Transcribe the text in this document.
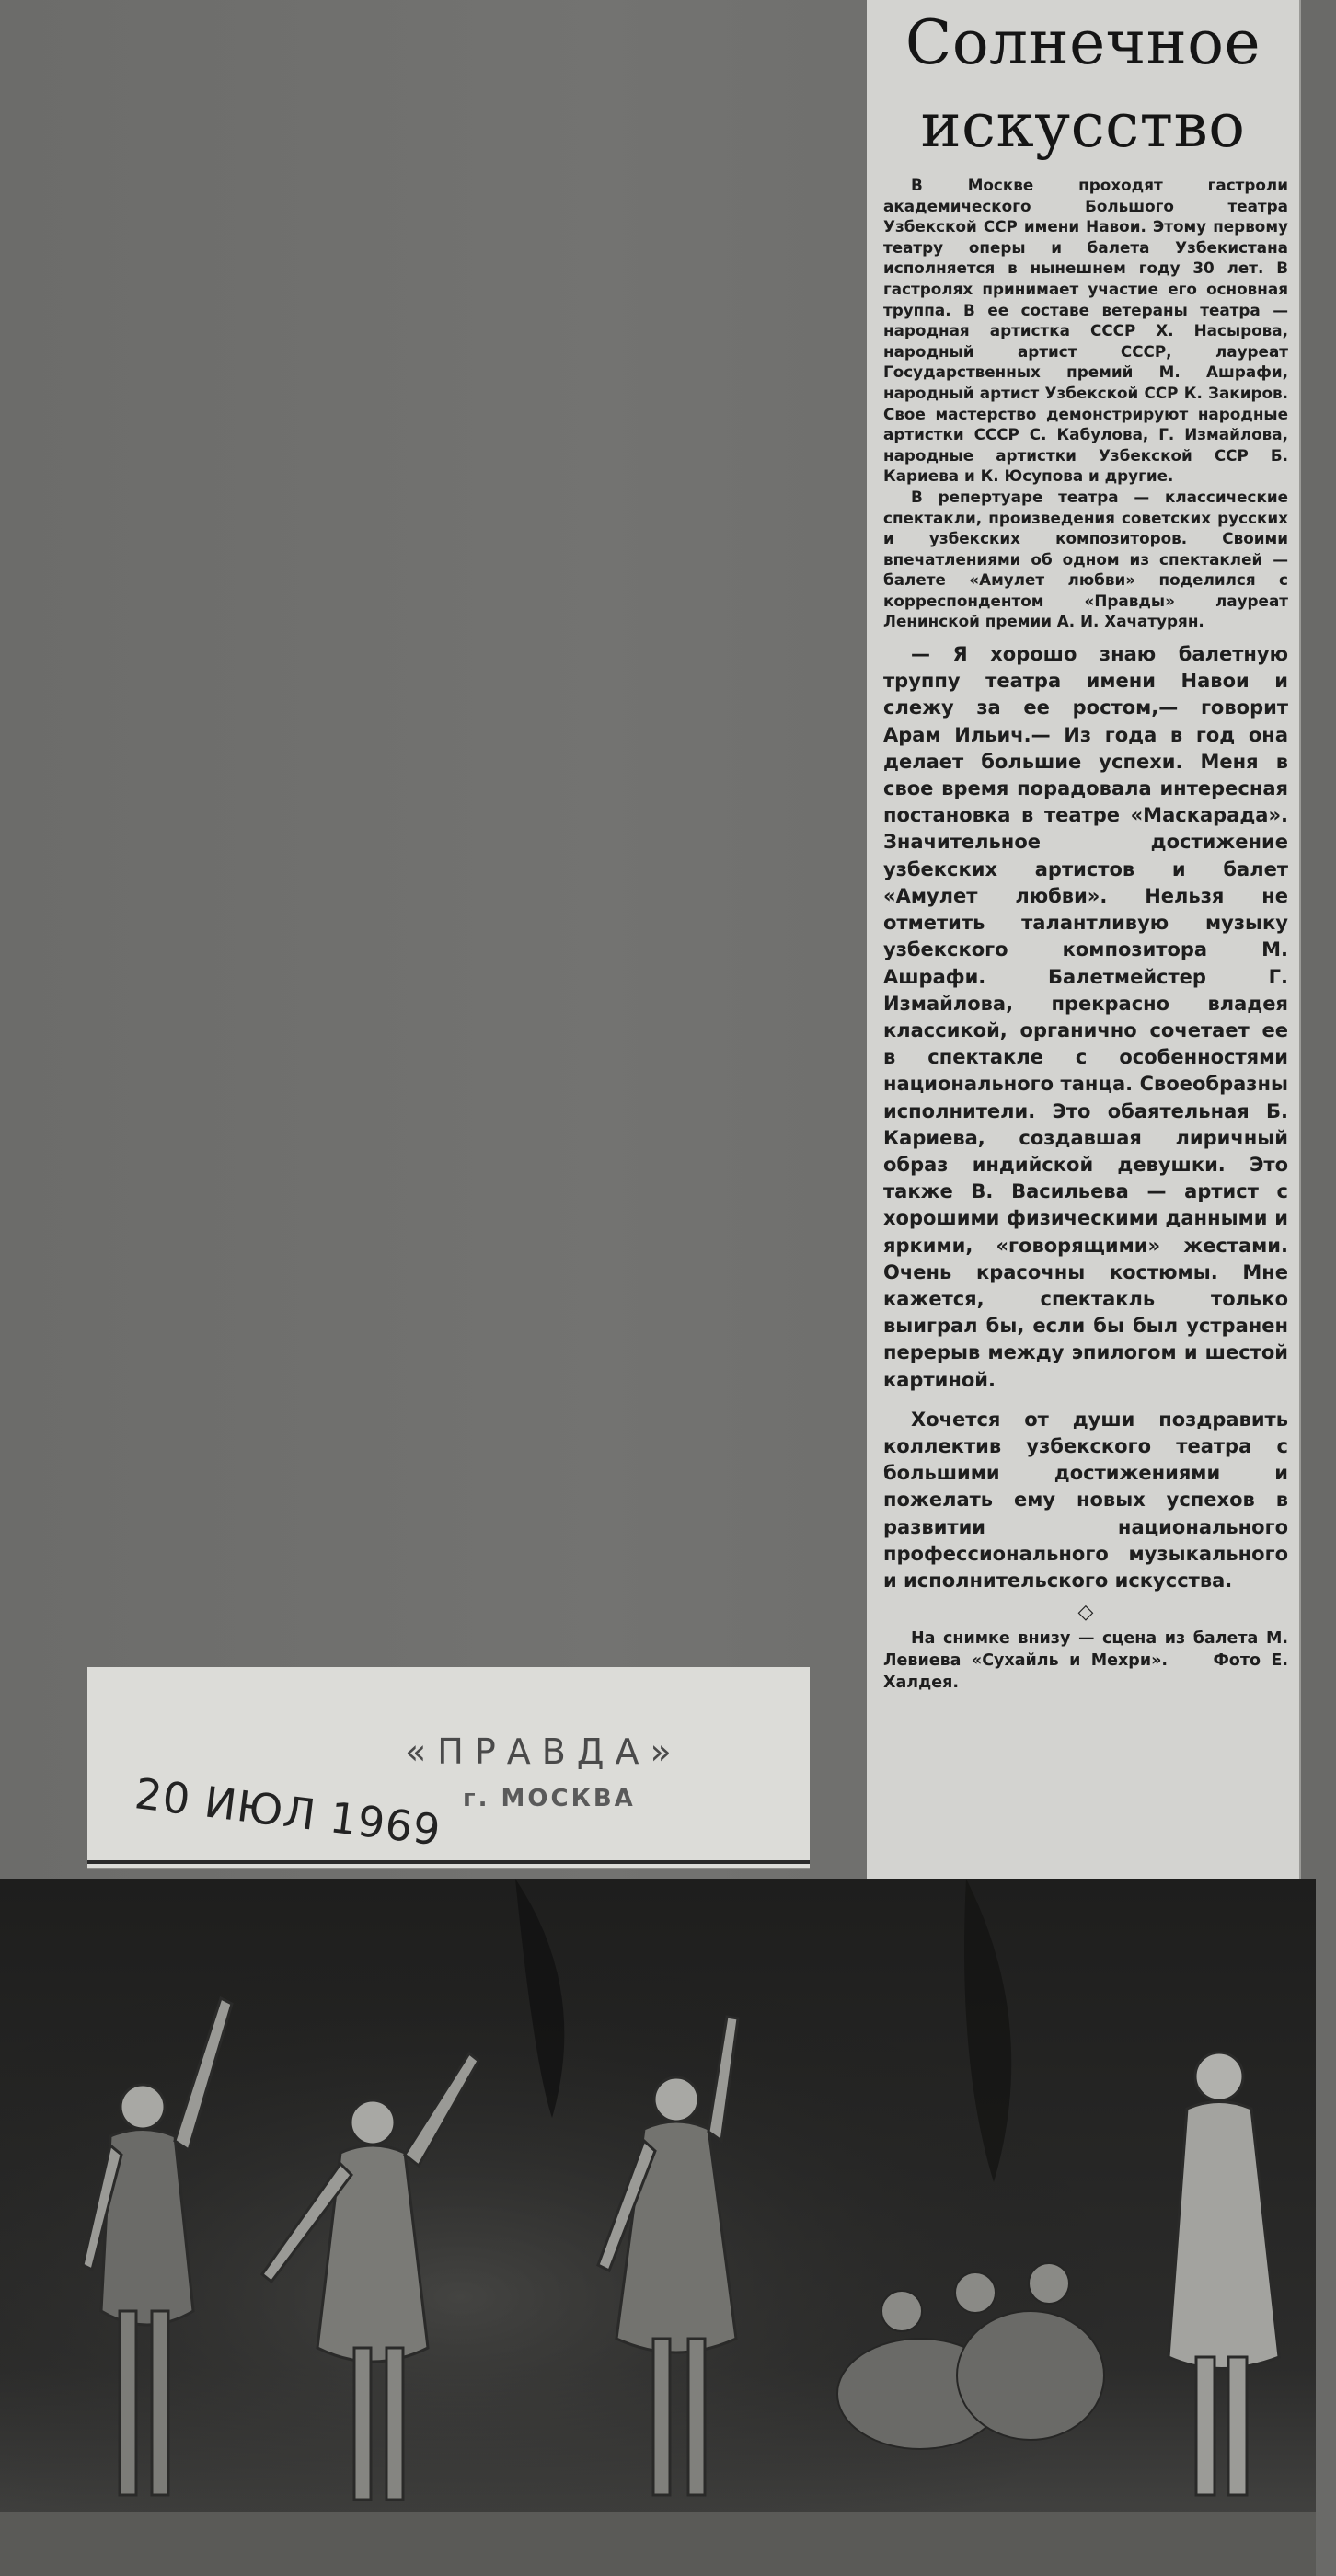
Солнечное
искусство

В Москве проходят гастроли академического Большого театра Узбекской ССР имени Навои. Этому первому театру оперы и балета Узбекистана исполняется в нынешнем году 30 лет. В гастролях принимает участие его основная труппа. В ее составе ветераны театра — народная артистка СССР Х. Насырова, народный артист СССР, лауреат Государственных премий М. Ашрафи, народный артист Узбекской ССР К. Закиров. Свое мастерство демонстрируют народные артистки СССР С. Кабулова, Г. Измайлова, народные артистки Узбекской ССР Б. Кариева и К. Юсупова и другие.

В репертуаре театра — классические спектакли, произведения советских русских и узбекских композиторов. Своими впечатлениями об одном из спектаклей — балете «Амулет любви» поделился с корреспондентом «Правды» лауреат Ленинской премии А. И. Хачатурян.

— Я хорошо знаю балетную труппу театра имени Навои и слежу за ее ростом,— говорит Арам Ильич.— Из года в год она делает большие успехи. Меня в свое время порадовала интересная постановка в театре «Маскарада». Значительное достижение узбекских артистов и балет «Амулет любви». Нельзя не отметить талантливую музыку узбекского композитора М. Ашрафи. Балетмейстер Г. Измайлова, прекрасно владея классикой, органично сочетает ее в спектакле с особенностями национального танца. Своеобразны исполнители. Это обаятельная Б. Кариева, создавшая лиричный образ индийской девушки. Это также В. Васильева — артист с хорошими физическими данными и яркими, «говорящими» жестами. Очень красочны костюмы. Мне кажется, спектакль только выиграл бы, если бы был устранен перерыв между эпилогом и шестой картиной.

Хочется от души поздравить коллектив узбекского театра с большими достижениями и пожелать ему новых успехов в развитии национального профессионального музыкального и исполнительского искусства.

◇

На снимке внизу — сцена из балета М. Левиева «Сухайль и Мехри».	Фото Е. Халдея.

«ПРАВДА»
г. МОСКВА
20 ИЮЛ 1969
